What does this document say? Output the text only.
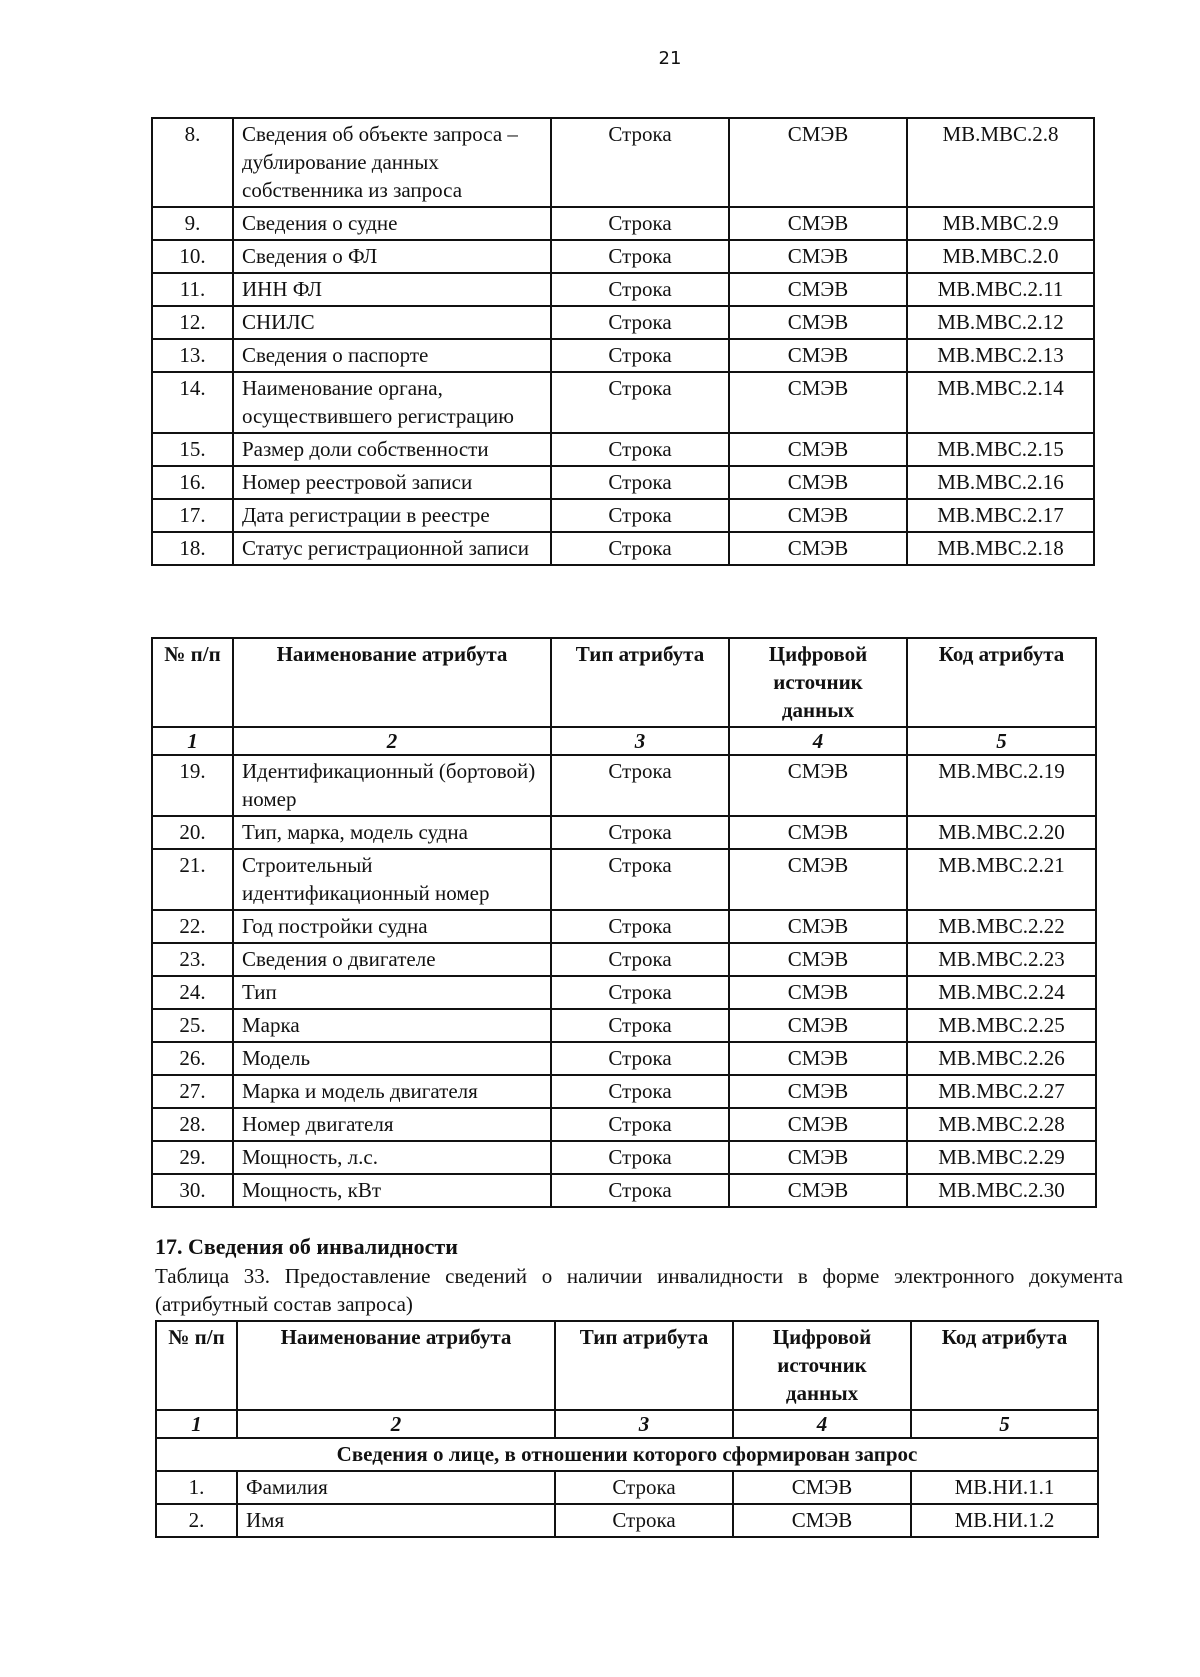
21
8.	Сведения об объекте запроса – дублирование данных собственника из запроса	Строка	СМЭВ	МВ.МВС.2.8
9.	Сведения о судне	Строка	СМЭВ	МВ.МВС.2.9
10.	Сведения о ФЛ	Строка	СМЭВ	МВ.МВС.2.0
11.	ИНН ФЛ	Строка	СМЭВ	МВ.МВС.2.11
12.	СНИЛС	Строка	СМЭВ	МВ.МВС.2.12
13.	Сведения о паспорте	Строка	СМЭВ	МВ.МВС.2.13
14.	Наименование органа, осуществившего регистрацию	Строка	СМЭВ	МВ.МВС.2.14
15.	Размер доли собственности	Строка	СМЭВ	МВ.МВС.2.15
16.	Номер реестровой записи	Строка	СМЭВ	МВ.МВС.2.16
17.	Дата регистрации в реестре	Строка	СМЭВ	МВ.МВС.2.17
18.	Статус регистрационной записи	Строка	СМЭВ	МВ.МВС.2.18
№ п/п	Наименование атрибута	Тип атрибута	Цифровой источник данных	Код атрибута
1	2	3	4	5
19.	Идентификационный (бортовой) номер	Строка	СМЭВ	МВ.МВС.2.19
20.	Тип, марка, модель судна	Строка	СМЭВ	МВ.МВС.2.20
21.	Строительный идентификационный номер	Строка	СМЭВ	МВ.МВС.2.21
22.	Год постройки судна	Строка	СМЭВ	МВ.МВС.2.22
23.	Сведения о двигателе	Строка	СМЭВ	МВ.МВС.2.23
24.	Тип	Строка	СМЭВ	МВ.МВС.2.24
25.	Марка	Строка	СМЭВ	МВ.МВС.2.25
26.	Модель	Строка	СМЭВ	МВ.МВС.2.26
27.	Марка и модель двигателя	Строка	СМЭВ	МВ.МВС.2.27
28.	Номер двигателя	Строка	СМЭВ	МВ.МВС.2.28
29.	Мощность, л.с.	Строка	СМЭВ	МВ.МВС.2.29
30.	Мощность, кВт	Строка	СМЭВ	МВ.МВС.2.30
17. Сведения об инвалидности
Таблица 33. Предоставление сведений о наличии инвалидности в форме электронного документа (атрибутный состав запроса)
№ п/п	Наименование атрибута	Тип атрибута	Цифровой источник данных	Код атрибута
1	2	3	4	5
Сведения о лице, в отношении которого сформирован запрос				
1.	Фамилия	Строка	СМЭВ	МВ.НИ.1.1
2.	Имя	Строка	СМЭВ	МВ.НИ.1.2
